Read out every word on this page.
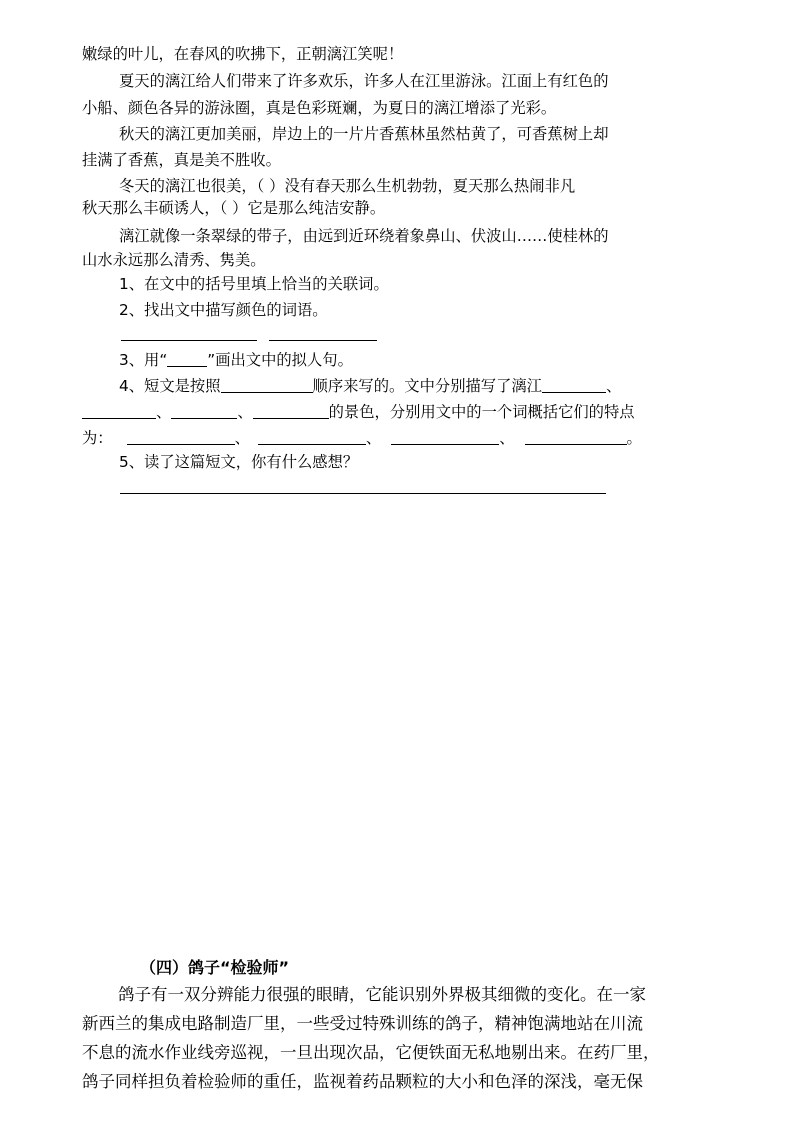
嫩绿的叶儿，在春风的吹拂下，正朝漓江笑呢！
夏天的漓江给人们带来了许多欢乐，许多人在江里游泳。江面上有红色的
小船、颜色各异的游泳圈，真是色彩斑斓，为夏日的漓江增添了光彩。
秋天的漓江更加美丽，岸边上的一片片香蕉林虽然枯黄了，可香蕉树上却
挂满了香蕉，真是美不胜收。
冬天的漓江也很美，（ ）没有春天那么生机勃勃，夏天那么热闹非凡
秋天那么丰硕诱人，（ ）它是那么纯洁安静。
漓江就像一条翠绿的带子，由远到近环绕着象鼻山、伏波山……使桂林的
山水永远那么清秀、隽美。
1、在文中的括号里填上恰当的关联词。
2、找出文中描写颜色的词语。
3、用“	”画出文中的拟人句。
4、短文是按照	顺序来写的。文中分别描写了漓江	、
、	、	的景色，分别用文中的一个词概括它们的特点
为：	、	、	、	。
5、读了这篇短文，你有什么感想？
（四）鸽子“检验师”
鸽子有一双分辨能力很强的眼睛，它能识别外界极其细微的变化。在一家
新西兰的集成电路制造厂里，一些受过特殊训练的鸽子，精神饱满地站在川流
不息的流水作业线旁巡视，一旦出现次品，它便铁面无私地剔出来。在药厂里，
鸽子同样担负着检验师的重任，监视着药品颗粒的大小和色泽的深浅，毫无保
